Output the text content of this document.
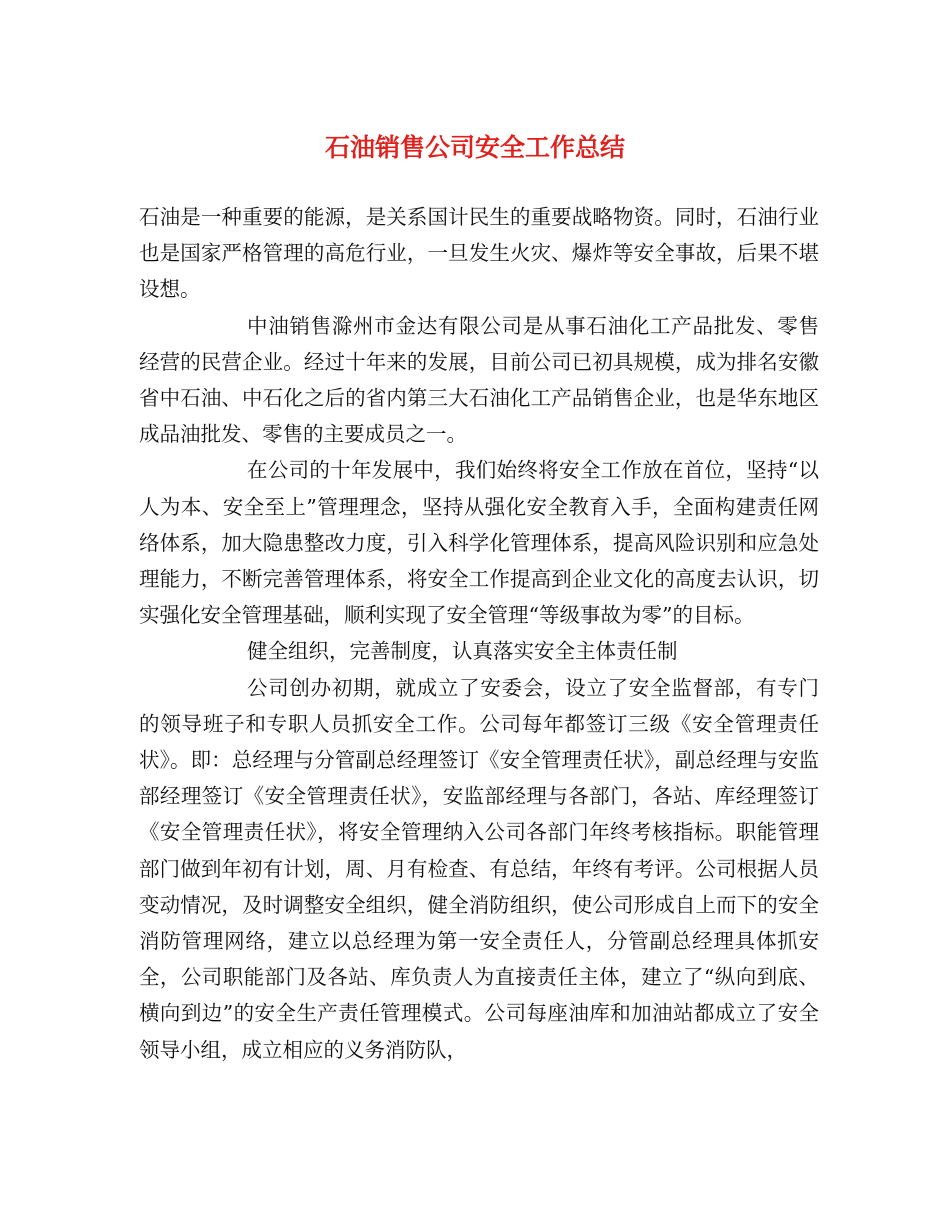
石油销售公司安全工作总结

石油是一种重要的能源，是关系国计民生的重要战略物资。同时，石油行业也是国家严格管理的高危行业，一旦发生火灾、爆炸等安全事故，后果不堪设想。

中油销售滁州市金达有限公司是从事石油化工产品批发、零售经营的民营企业。经过十年来的发展，目前公司已初具规模，成为排名安徽省中石油、中石化之后的省内第三大石油化工产品销售企业，也是华东地区成品油批发、零售的主要成员之一。

在公司的十年发展中，我们始终将安全工作放在首位，坚持“以人为本、安全至上”管理理念，坚持从强化安全教育入手，全面构建责任网络体系，加大隐患整改力度，引入科学化管理体系，提高风险识别和应急处理能力，不断完善管理体系，将安全工作提高到企业文化的高度去认识，切实强化安全管理基础，顺利实现了安全管理“等级事故为零”的目标。

健全组织，完善制度，认真落实安全主体责任制

公司创办初期，就成立了安委会，设立了安全监督部，有专门的领导班子和专职人员抓安全工作。公司每年都签订三级《安全管理责任状》。即：总经理与分管副总经理签订《安全管理责任状》，副总经理与安监部经理签订《安全管理责任状》，安监部经理与各部门，各站、库经理签订《安全管理责任状》，将安全管理纳入公司各部门年终考核指标。职能管理部门做到年初有计划，周、月有检查、有总结，年终有考评。公司根据人员变动情况，及时调整安全组织，健全消防组织，使公司形成自上而下的安全消防管理网络，建立以总经理为第一安全责任人，分管副总经理具体抓安全，公司职能部门及各站、库负责人为直接责任主体，建立了“纵向到底、横向到边”的安全生产责任管理模式。公司每座油库和加油站都成立了安全领导小组，成立相应的义务消防队，
